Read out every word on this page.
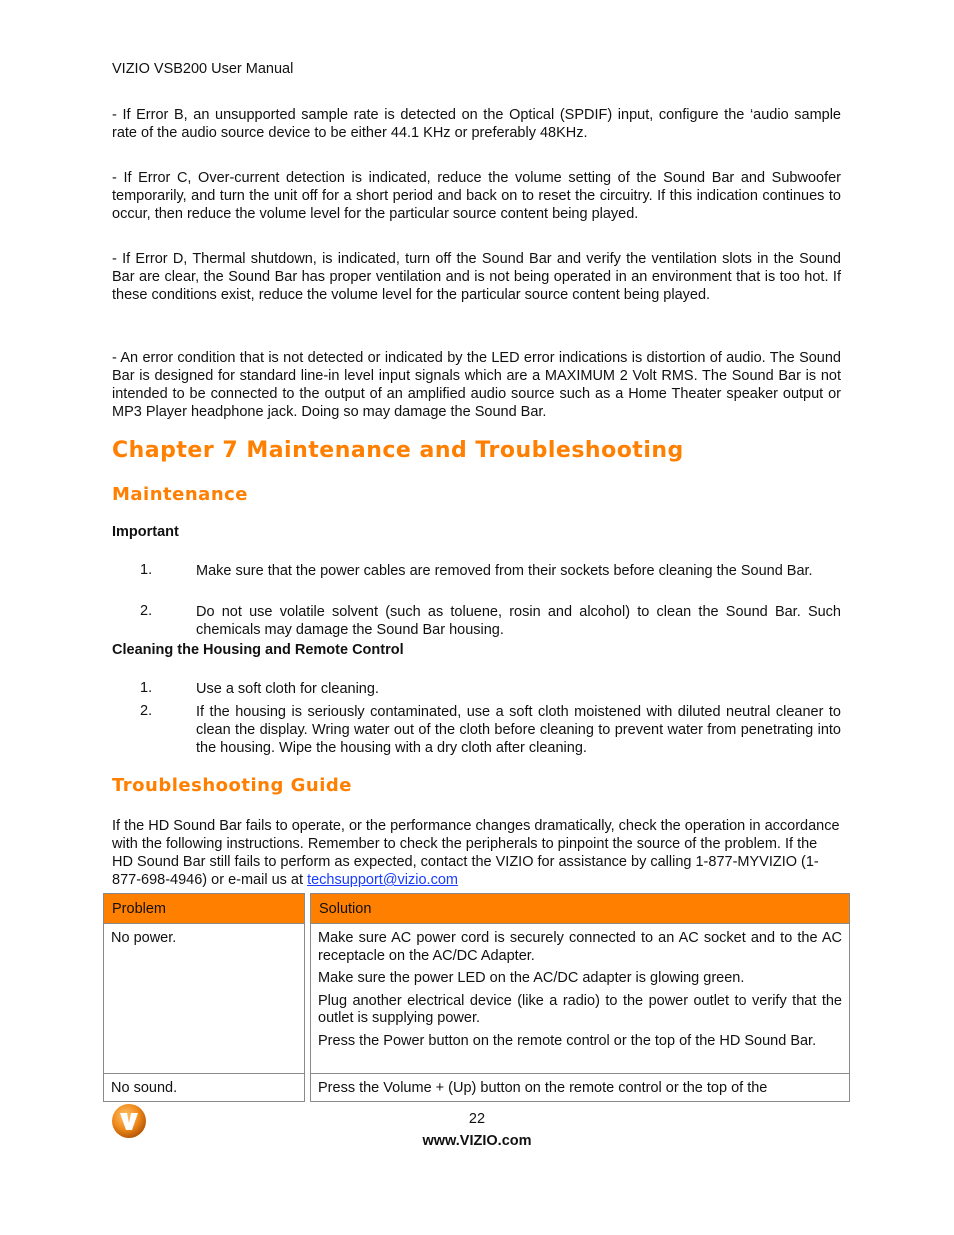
VIZIO VSB200 User Manual

- If Error B, an unsupported sample rate is detected on the Optical (SPDIF) input, configure the ‘audio sample rate of the audio source device to be either 44.1 KHz or preferably 48KHz.

- If Error C, Over-current detection is indicated, reduce the volume setting of the Sound Bar and Subwoofer temporarily, and turn the unit off for a short period and back on to reset the circuitry. If this indication continues to occur, then reduce the volume level for the particular source content being played.

- If Error D, Thermal shutdown, is indicated, turn off the Sound Bar and verify the ventilation slots in the Sound Bar are clear, the Sound Bar has proper ventilation and is not being operated in an environment that is too hot. If these conditions exist, reduce the volume level for the particular source content being played.

- An error condition that is not detected or indicated by the LED error indications is distortion of audio. The Sound Bar is designed for standard line-in level input signals which are a MAXIMUM 2 Volt RMS. The Sound Bar is not intended to be connected to the output of an amplified audio source such as a Home Theater speaker output or MP3 Player headphone jack. Doing so may damage the Sound Bar.

Chapter 7 Maintenance and Troubleshooting
Maintenance
Important
1.	Make sure that the power cables are removed from their sockets before cleaning the Sound Bar.

2.	Do not use volatile solvent (such as toluene, rosin and alcohol) to clean the Sound Bar. Such chemicals may damage the Sound Bar housing.

Cleaning the Housing and Remote Control
1.	Use a soft cloth for cleaning.

2.	If the housing is seriously contaminated, use a soft cloth moistened with diluted neutral cleaner to clean the display. Wring water out of the cloth before cleaning to prevent water from penetrating into the housing. Wipe the housing with a dry cloth after cleaning.

Troubleshooting Guide

If the HD Sound Bar fails to operate, or the performance changes dramatically, check the operation in accordance with the following instructions. Remember to check the peripherals to pinpoint the source of the problem. If the HD Sound Bar still fails to perform as expected, contact the VIZIO for assistance by calling 1-877-MYVIZIO (1-877-698-4946) or e-mail us at techsupport@vizio.com

Problem	Solution
No power.	Make sure AC power cord is securely connected to an AC socket and to the AC receptacle on the AC/DC Adapter.

Make sure the power LED on the AC/DC adapter is glowing green.

Plug another electrical device (like a radio) to the power outlet to verify that the outlet is supplying power.

Press the Power button on the remote control or the top of the HD Sound Bar.

No sound.	Press the Volume + (Up) button on the remote control or the top of the

22
www.VIZIO.com
